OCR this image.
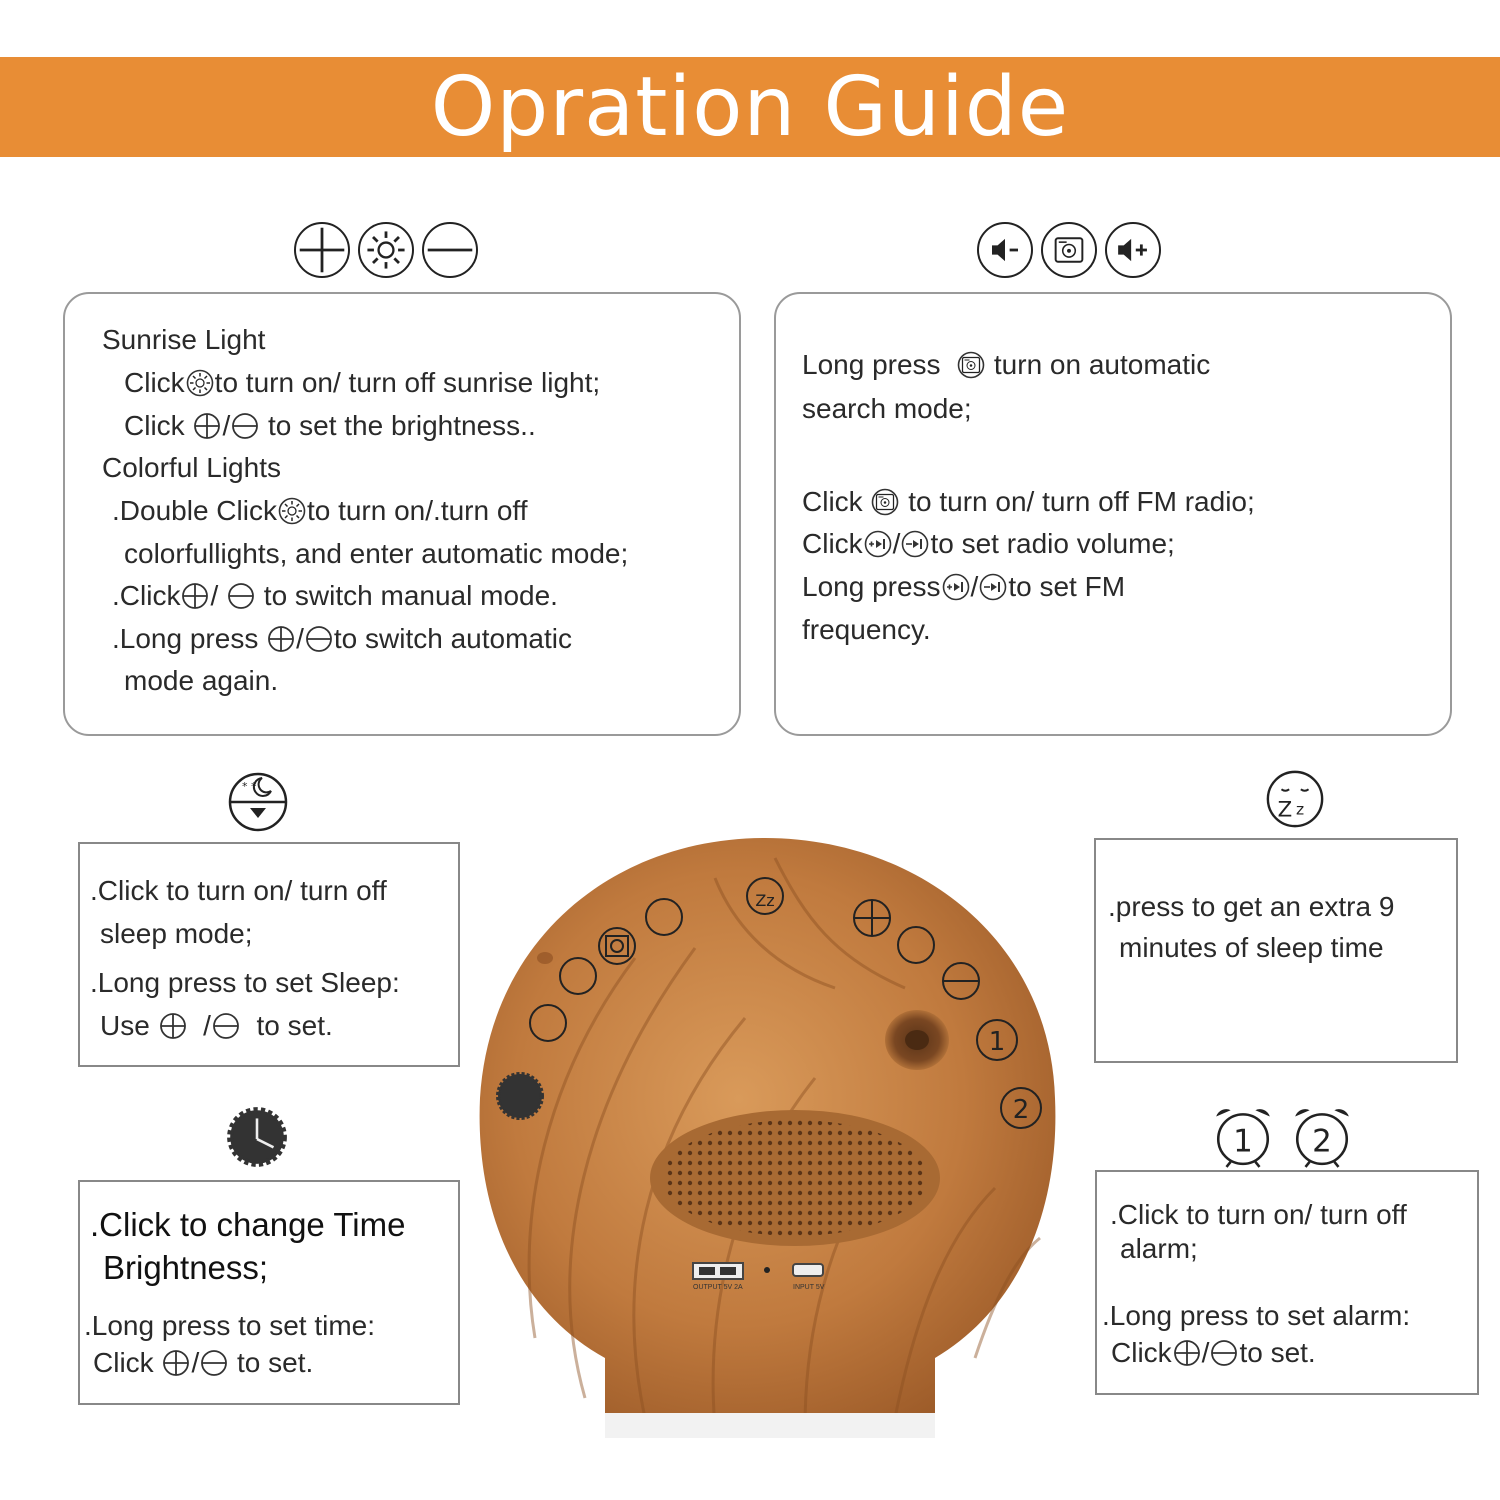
Opration Guide
Sunrise Light
Click to turn on/ turn off sunrise light;
Click / to set the brightness..
Colorful Lights
.Double Click to turn on/.turn off
colorfullights, and enter automatic mode;
.Click /  to switch manual mode.
.Long press / to switch automatic
mode again.
Long press turn on automatic
search mode;
Click to turn on/ turn off FM radio;
Click / to set radio volume;
Long press / to set FM
frequency.
.Click to turn on/ turn off
sleep mode;
.Long press to set Sleep:
Use   / to set.
.Click to change Time
Brightness;
.Long press to set time:
Click / to set.
.press to get an extra 9
minutes of sleep time
.Click to turn on/ turn off
alarm;
.Long press to set alarm:
Click / to set.
1
2
Zz
OUTPUT 5V 2A	INPUT 5V
